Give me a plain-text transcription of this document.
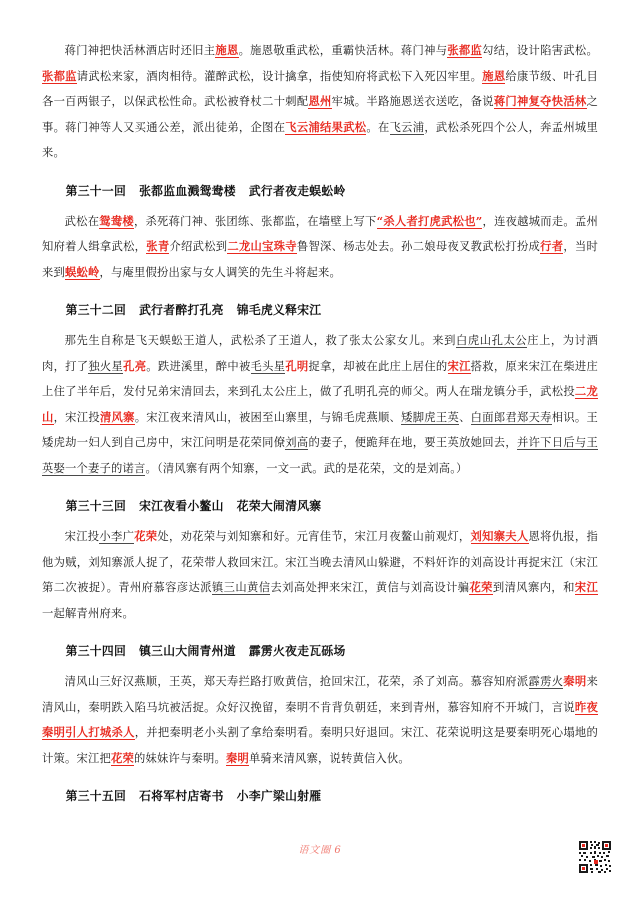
蒋门神把快活林酒店时还旧主施恩。施恩敬重武松，重霸快活林。蒋门神与张都监勾结，设计陷害武松。张都监请武松来家，酒肉相待。灌醉武松，设计擒拿，指使知府将武松下入死囚牢里。施恩给康节级、叶孔目各一百两银子，以保武松性命。武松被脊杖二十刺配恩州牢城。半路施恩送衣送吃，备说蒋门神复夺快活林之事。蒋门神等人又买通公差，派出徒弟，企图在飞云浦结果武松。在飞云浦，武松杀死四个公人，奔孟州城里来。

第三十一回 张都监血溅鸳鸯楼 武行者夜走蜈蚣岭

武松在鸳鸯楼，杀死蒋门神、张团练、张都监，在墙壁上写下“杀人者打虎武松也”，连夜越城而走。孟州知府着人缉拿武松，张青介绍武松到二龙山宝珠寺鲁智深、杨志处去。孙二娘母夜叉教武松打扮成行者，当时来到蜈蚣岭，与庵里假扮出家与女人调笑的先生斗将起来。

第三十二回 武行者醉打孔亮 锦毛虎义释宋江

那先生自称是飞天蜈蚣王道人，武松杀了王道人，救了张太公家女儿。来到白虎山孔太公庄上，为讨酒肉，打了独火星孔亮。跌进溪里，醉中被毛头星孔明捉拿，却被在此庄上居住的宋江搭救，原来宋江在柴进庄上住了半年后，发付兄弟宋清回去，来到孔太公庄上，做了孔明孔亮的师父。两人在瑞龙镇分手，武松投二龙山，宋江投清风寨。宋江夜来清风山，被困至山寨里，与锦毛虎燕顺、矮脚虎王英、白面郎君郑天寿相识。王矮虎劫一妇人到自己房中，宋江问明是花荣同僚刘高的妻子，便跪拜在地，要王英放她回去，并许下日后与王英娶一个妻子的诺言。（清风寨有两个知寨，一文一武。武的是花荣，文的是刘高。）

第三十三回 宋江夜看小鳌山 花荣大闹清风寨

宋江投小李广花荣处，劝花荣与刘知寨和好。元宵佳节，宋江月夜鳌山前观灯，刘知寨夫人恩将仇报，指他为贼，刘知寨派人捉了，花荣带人救回宋江。宋江当晚去清风山躲避，不料奸诈的刘高设计再捉宋江（宋江第二次被捉）。青州府慕容彦达派镇三山黄信去刘高处押来宋江，黄信与刘高设计骗花荣到清风寨内，和宋江一起解青州府来。

第三十四回 镇三山大闹青州道 霹雳火夜走瓦砾场

清风山三好汉燕顺，王英，郑天寿拦路打败黄信，抢回宋江，花荣，杀了刘高。慕容知府派霹雳火秦明来清风山，秦明跌入陷马坑被活捉。众好汉挽留，秦明不肯背负朝廷，来到青州，慕容知府不开城门，言说昨夜秦明引人打城杀人，并把秦明老小头割了拿给秦明看。秦明只好退回。宋江、花荣说明这是要秦明死心塌地的计策。宋江把花荣的妹妹许与秦明。秦明单骑来清风寨，说转黄信入伙。

第三十五回 石将军村店寄书 小李广梁山射雁
语文圈 6
